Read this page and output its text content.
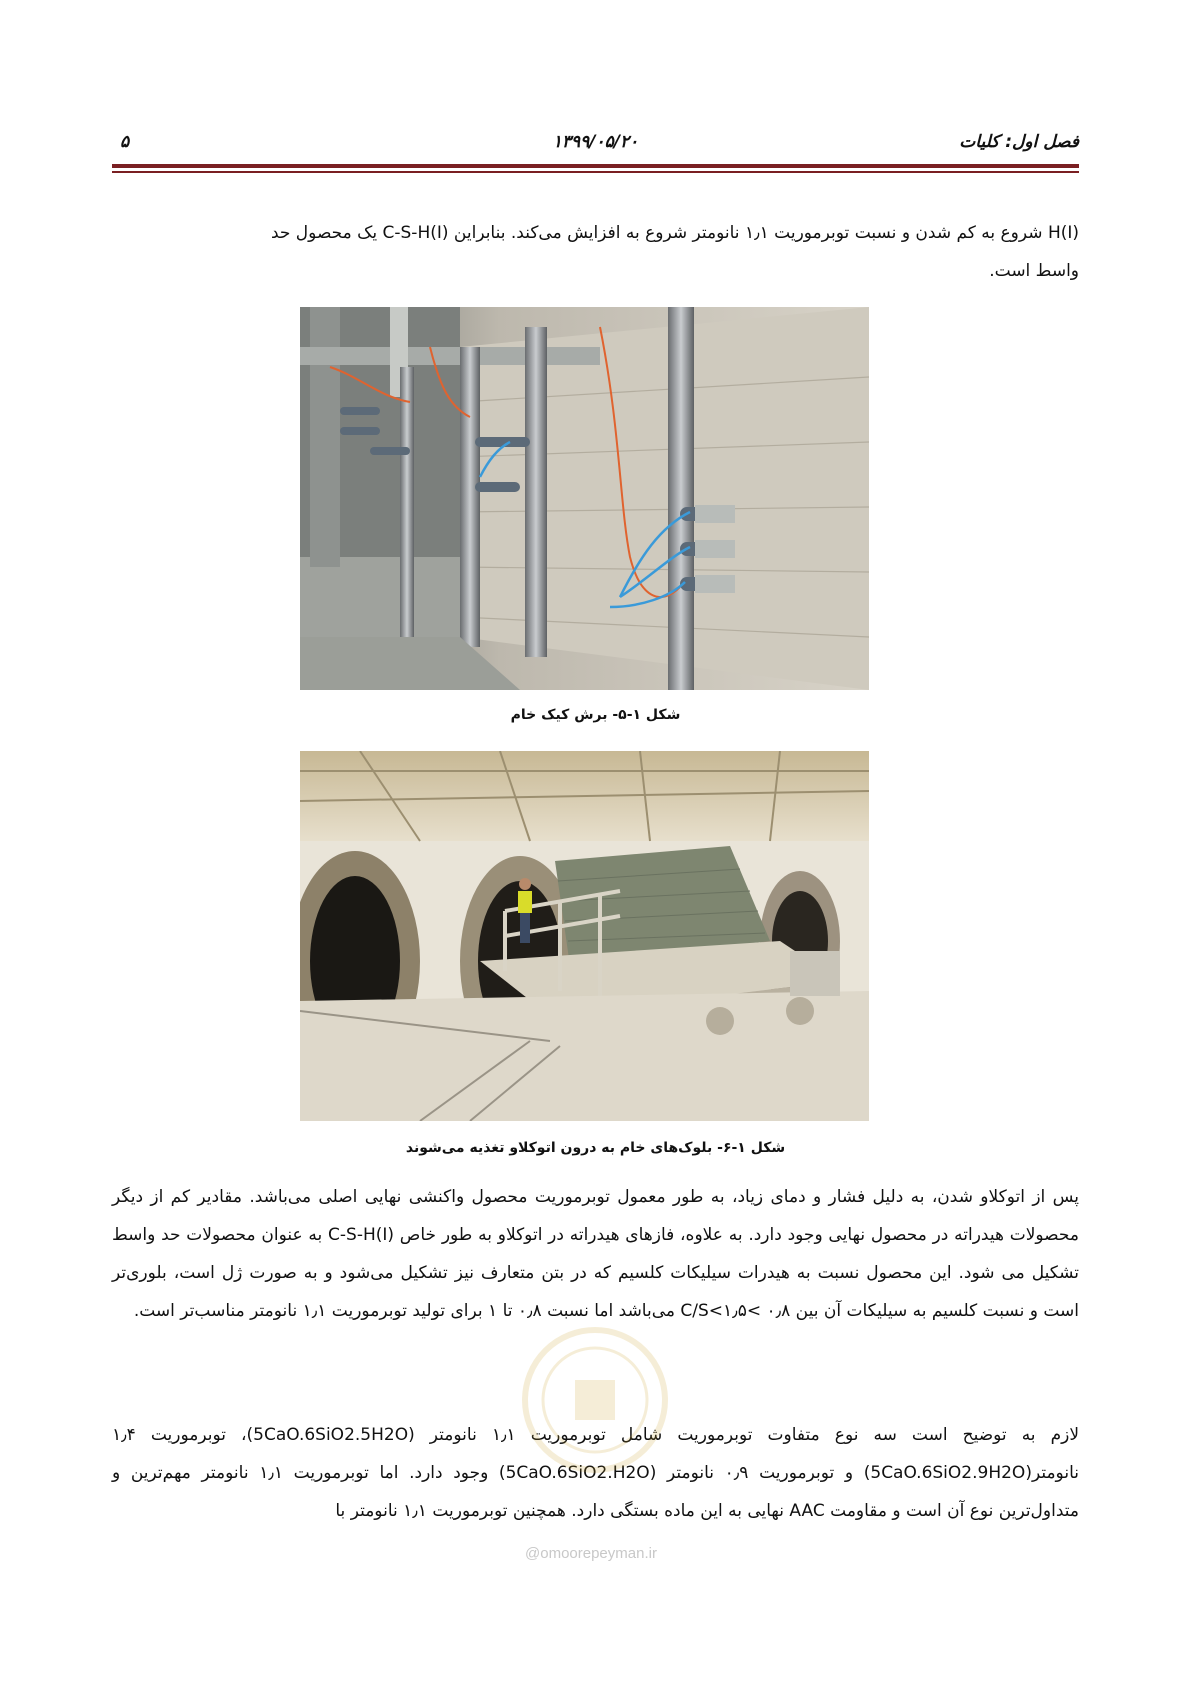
۵	۱۳۹۹/۰۵/۲۰	فصل اول: کلیات
H(I) شروع به کم شدن و نسبت توبرموریت ۱٫۱ نانومتر شروع به افزایش می‌کند. بنابراین C-S-H(I) یک محصول حد
واسط است.
شکل ۱-۵- برش کیک خام
شکل ۱-۶- بلوک‌های خام به درون اتوکلاو تغذیه می‌شوند
پس از اتوکلاو شدن، به دلیل فشار و دمای زیاد، به طور معمول توبرموریت محصول واکنشی نهایی اصلی می‌باشد. مقادیر کم از دیگر محصولات هیدراته در محصول نهایی وجود دارد. به علاوه، فازهای هیدراته در اتوکلاو به طور خاص C-S-H(I) به عنوان محصولات حد واسط تشکیل می شود. این محصول نسبت به هیدرات سیلیکات کلسیم که در بتن متعارف نیز تشکیل می‌شود و به صورت ژل است، بلوری‌تر است و نسبت کلسیم به سیلیکات آن بین ۰٫۸ >C/S<۱٫۵ می‌باشد اما نسبت ۰٫۸ تا ۱ برای تولید توبرموریت ۱٫۱ نانومتر مناسب‌تر است.
لازم به توضیح است سه نوع متفاوت توبرموریت شامل توبرموریت ۱٫۱ نانومتر (5CaO.6SiO2.5H2O)، توبرموریت ۱٫۴ نانومتر(5CaO.6SiO2.9H2O) و توبرموریت ۰٫۹ نانومتر (5CaO.6SiO2.H2O) وجود دارد. اما توبرموریت ۱٫۱ نانومتر مهم‌ترین و متداول‌ترین نوع آن است و مقاومت AAC نهایی به این ماده بستگی دارد. همچنین توبرموریت ۱٫۱ نانومتر با
@omoorepeyman.ir
